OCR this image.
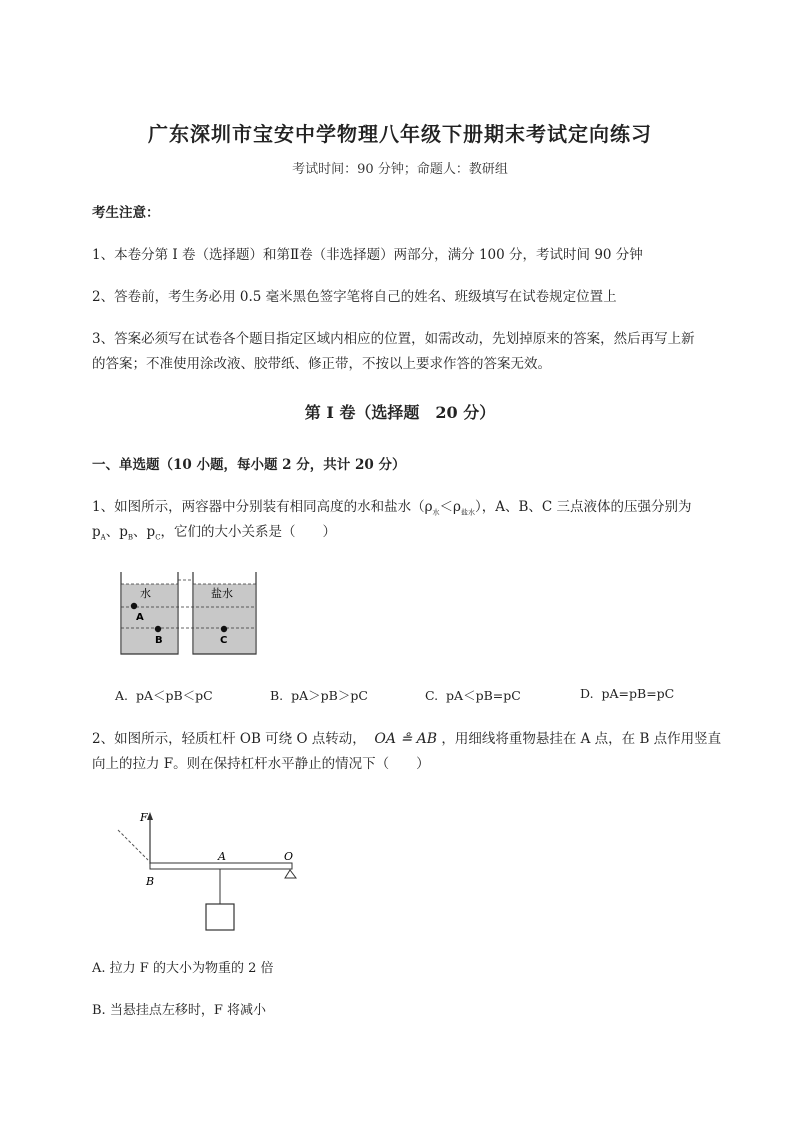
广东深圳市宝安中学物理八年级下册期末考试定向练习
考试时间：90 分钟；命题人：教研组
考生注意：
1、本卷分第 I 卷（选择题）和第Ⅱ卷（非选择题）两部分，满分 100 分，考试时间 90 分钟
2、答卷前，考生务必用 0.5 毫米黑色签字笔将自己的姓名、班级填写在试卷规定位置上
3、答案必须写在试卷各个题目指定区域内相应的位置，如需改动，先划掉原来的答案，然后再写上新
的答案；不准使用涂改液、胶带纸、修正带，不按以上要求作答的答案无效。
第 I 卷（选择题　20 分）
一、单选题（10 小题，每小题 2 分，共计 20 分）
1、如图所示，两容器中分别装有相同高度的水和盐水$(\rho_水<\rho_{盐水})$，A、B、C 三点液体的压强分别为
$p_A$、$p_B$、$p_C$，它们的大小关系是（　　）
水	盐水
A
B	C
A. pA＜pB＜pC	B. pA＞pB＞pC	C. pA＜pB=pC	D. pA=pB=pC
2、如图所示，轻质杠杆 OB 可绕 O 点转动， OA ≗ AB ，用细线将重物悬挂在 A 点，在 B 点作用竖直
向上的拉力 F。则在保持杠杆水平静止的情况下（　　）
F
O
A
B
A. 拉力 F 的大小为物重的 2 倍
B. 当悬挂点左移时，F 将减小
